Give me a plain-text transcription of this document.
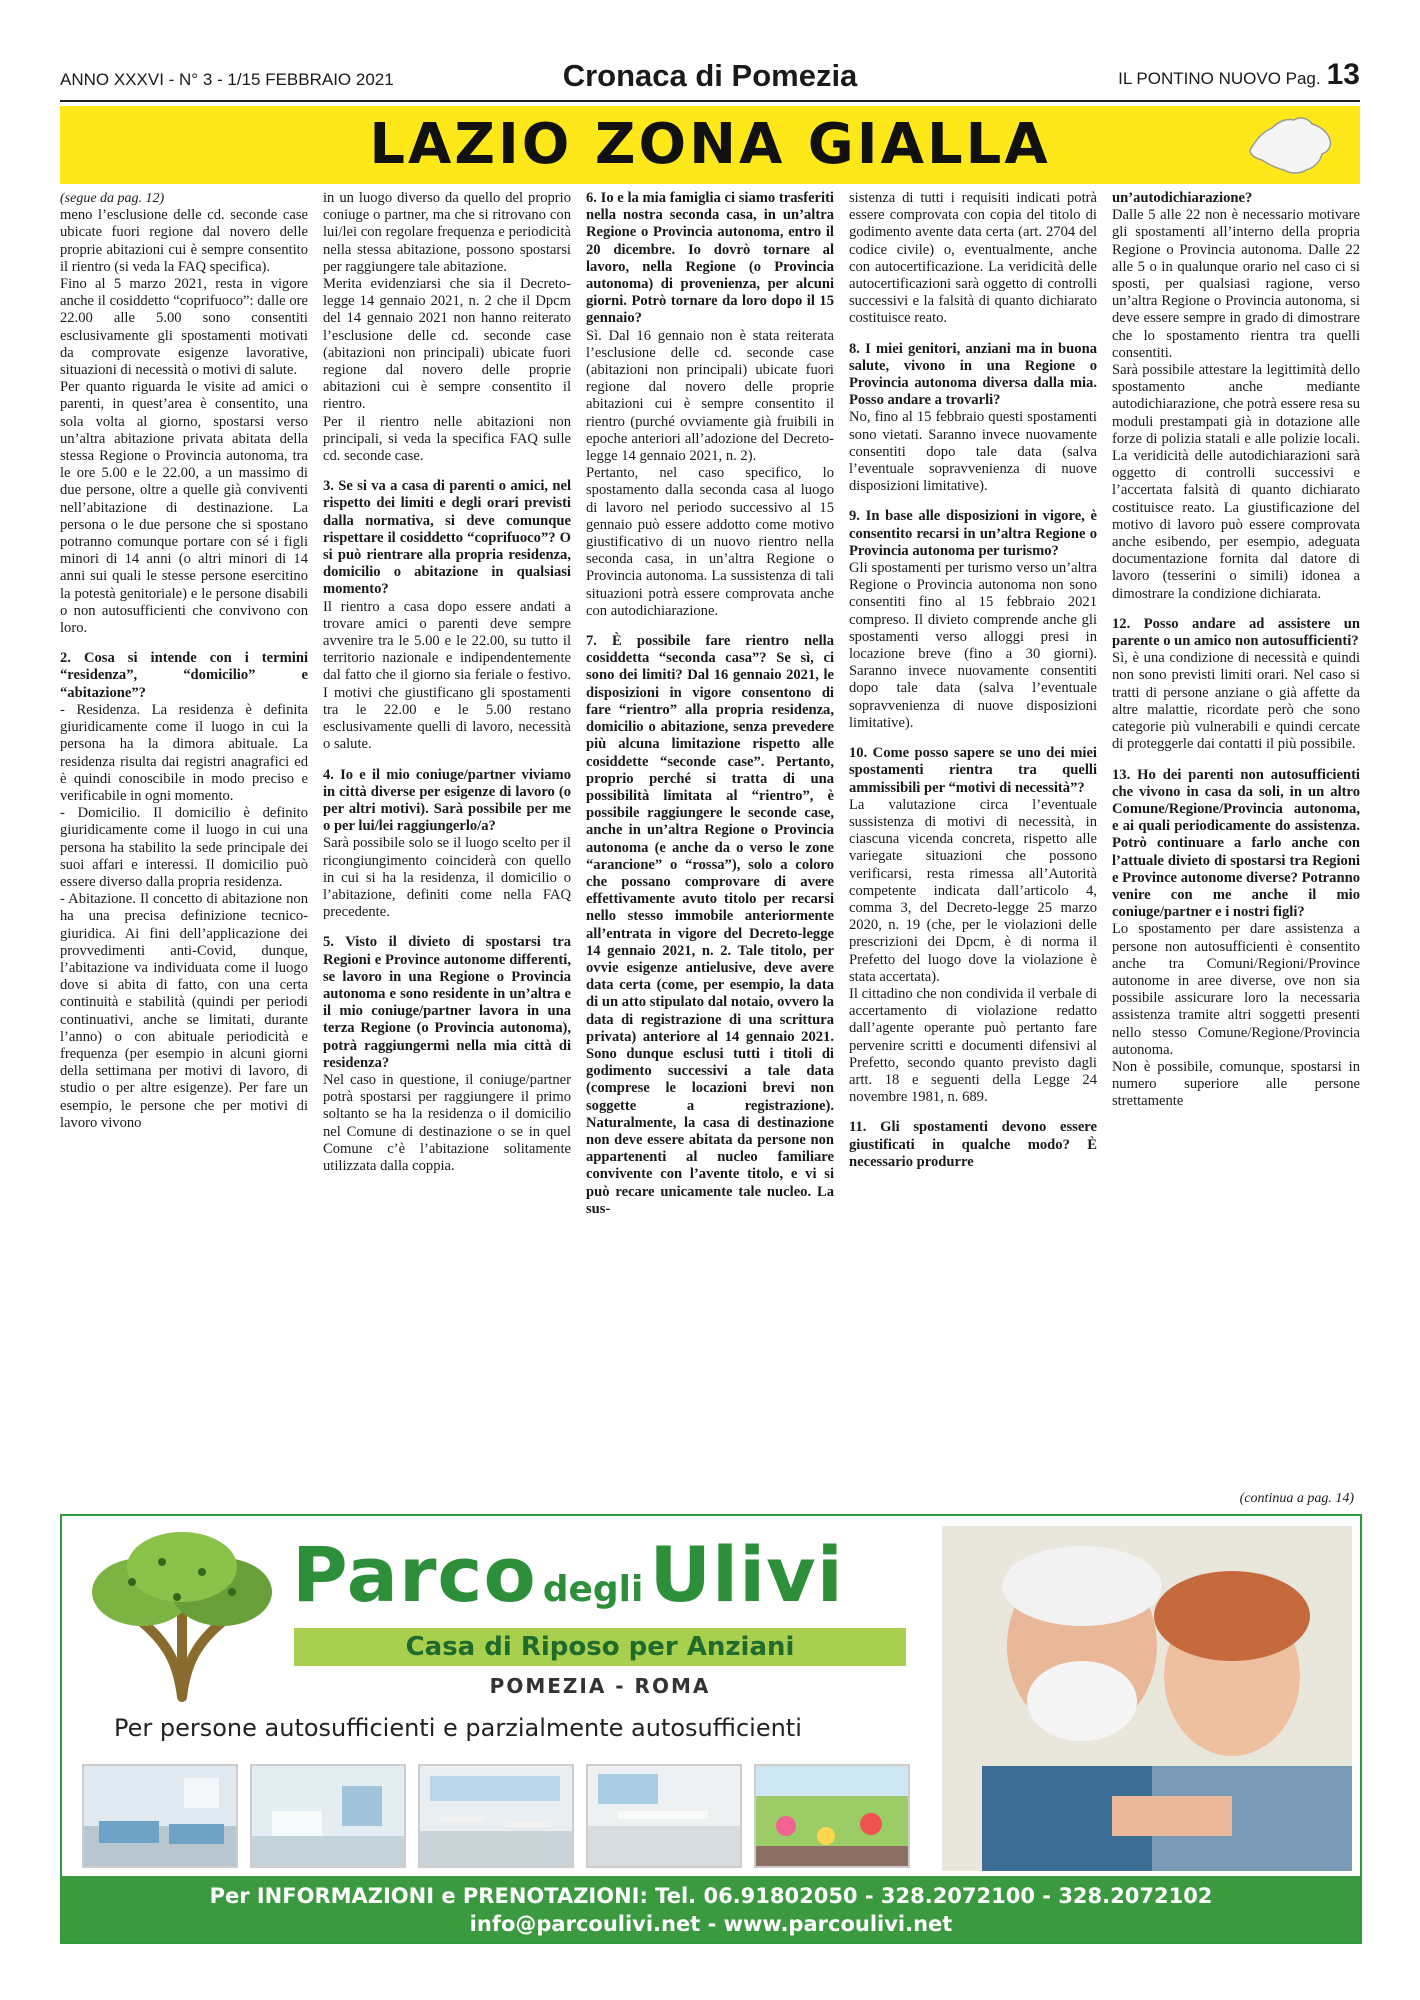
ANNO XXXVI - N° 3 - 1/15 FEBBRAIO 2021	Cronaca di Pomezia	IL PONTINO NUOVO Pag. 13
LAZIO ZONA GIALLA

(segue da pag. 12)

meno l’esclusione delle cd. seconde case ubicate fuori regione dal novero delle proprie abitazioni cui è sempre consentito il rientro (si veda la FAQ specifica).

Fino al 5 marzo 2021, resta in vigore anche il cosiddetto “coprifuoco”: dalle ore 22.00 alle 5.00 sono consentiti esclusivamente gli spostamenti motivati da comprovate esigenze lavorative, situazioni di necessità o motivi di salute.

Per quanto riguarda le visite ad amici o parenti, in quest’area è consentito, una sola volta al giorno, spostarsi verso un’altra abitazione privata abitata della stessa Regione o Provincia autonoma, tra le ore 5.00 e le 22.00, a un massimo di due persone, oltre a quelle già conviventi nell’abitazione di destinazione. La persona o le due persone che si spostano potranno comunque portare con sé i figli minori di 14 anni (o altri minori di 14 anni sui quali le stesse persone esercitino la potestà genitoriale) e le persone disabili o non autosufficienti che convivono con loro.

2. Cosa si intende con i termini “residenza”, “domicilio” e “abitazione”?

- Residenza. La residenza è definita giuridicamente come il luogo in cui la persona ha la dimora abituale. La residenza risulta dai registri anagrafici ed è quindi conoscibile in modo preciso e verificabile in ogni momento.

- Domicilio. Il domicilio è definito giuridicamente come il luogo in cui una persona ha stabilito la sede principale dei suoi affari e interessi. Il domicilio può essere diverso dalla propria residenza.

- Abitazione. Il concetto di abitazione non ha una precisa definizione tecnico-giuridica. Ai fini dell’applicazione dei provvedimenti anti-Covid, dunque, l’abitazione va individuata come il luogo dove si abita di fatto, con una certa continuità e stabilità (quindi per periodi continuativi, anche se limitati, durante l’anno) o con abituale periodicità e frequenza (per esempio in alcuni giorni della settimana per motivi di lavoro, di studio o per altre esigenze). Per fare un esempio, le persone che per motivi di lavoro vivono

in un luogo diverso da quello del proprio coniuge o partner, ma che si ritrovano con lui/lei con regolare frequenza e periodicità nella stessa abitazione, possono spostarsi per raggiungere tale abitazione.

Merita evidenziarsi che sia il Decreto-legge 14 gennaio 2021, n. 2 che il Dpcm del 14 gennaio 2021 non hanno reiterato l’esclusione delle cd. seconde case (abitazioni non principali) ubicate fuori regione dal novero delle proprie abitazioni cui è sempre consentito il rientro.

Per il rientro nelle abitazioni non principali, si veda la specifica FAQ sulle cd. seconde case.

3. Se si va a casa di parenti o amici, nel rispetto dei limiti e degli orari previsti dalla normativa, si deve comunque rispettare il cosiddetto “coprifuoco”? O si può rientrare alla propria residenza, domicilio o abitazione in qualsiasi momento?

Il rientro a casa dopo essere andati a trovare amici o parenti deve sempre avvenire tra le 5.00 e le 22.00, su tutto il territorio nazionale e indipendentemente dal fatto che il giorno sia feriale o festivo. I motivi che giustificano gli spostamenti tra le 22.00 e le 5.00 restano esclusivamente quelli di lavoro, necessità o salute.

4. Io e il mio coniuge/partner viviamo in città diverse per esigenze di lavoro (o per altri motivi). Sarà possibile per me o per lui/lei raggiungerlo/a?

Sarà possibile solo se il luogo scelto per il ricongiungimento coinciderà con quello in cui si ha la residenza, il domicilio o l’abitazione, definiti come nella FAQ precedente.

5. Visto il divieto di spostarsi tra Regioni e Province autonome differenti, se lavoro in una Regione o Provincia autonoma e sono residente in un’altra e il mio coniuge/partner lavora in una terza Regione (o Provincia autonoma), potrà raggiungermi nella mia città di residenza?

Nel caso in questione, il coniuge/partner potrà spostarsi per raggiungere il primo soltanto se ha la residenza o il domicilio nel Comune di destinazione o se in quel Comune c’è l’abitazione solitamente utilizzata dalla coppia.

6. Io e la mia famiglia ci siamo trasferiti nella nostra seconda casa, in un’altra Regione o Provincia autonoma, entro il 20 dicembre. Io dovrò tornare al lavoro, nella Regione (o Provincia autonoma) di provenienza, per alcuni giorni. Potrò tornare da loro dopo il 15 gennaio?

Sì. Dal 16 gennaio non è stata reiterata l’esclusione delle cd. seconde case (abitazioni non principali) ubicate fuori regione dal novero delle proprie abitazioni cui è sempre consentito il rientro (purché ovviamente già fruibili in epoche anteriori all’adozione del Decreto-legge 14 gennaio 2021, n. 2).

Pertanto, nel caso specifico, lo spostamento dalla seconda casa al luogo di lavoro nel periodo successivo al 15 gennaio può essere addotto come motivo giustificativo di un nuovo rientro nella seconda casa, in un’altra Regione o Provincia autonoma. La sussistenza di tali situazioni potrà essere comprovata anche con autodichiarazione.

7. È possibile fare rientro nella cosiddetta “seconda casa”? Se sì, ci sono dei limiti? Dal 16 gennaio 2021, le disposizioni in vigore consentono di fare “rientro” alla propria residenza, domicilio o abitazione, senza prevedere più alcuna limitazione rispetto alle cosiddette “seconde case”. Pertanto, proprio perché si tratta di una possibilità limitata al “rientro”, è possibile raggiungere le seconde case, anche in un’altra Regione o Provincia autonoma (e anche da o verso le zone “arancione” o “rossa”), solo a coloro che possano comprovare di avere effettivamente avuto titolo per recarsi nello stesso immobile anteriormente all’entrata in vigore del Decreto-legge 14 gennaio 2021, n. 2. Tale titolo, per ovvie esigenze antielusive, deve avere data certa (come, per esempio, la data di un atto stipulato dal notaio, ovvero la data di registrazione di una scrittura privata) anteriore al 14 gennaio 2021. Sono dunque esclusi tutti i titoli di godimento successivi a tale data (comprese le locazioni brevi non soggette a registrazione). Naturalmente, la casa di destinazione non deve essere abitata da persone non appartenenti al nucleo familiare convivente con l’avente titolo, e vi si può recare unicamente tale nucleo. La sus-

sistenza di tutti i requisiti indicati potrà essere comprovata con copia del titolo di godimento avente data certa (art. 2704 del codice civile) o, eventualmente, anche con autocertificazione. La veridicità delle autocertificazioni sarà oggetto di controlli successivi e la falsità di quanto dichiarato costituisce reato.

8. I miei genitori, anziani ma in buona salute, vivono in una Regione o Provincia autonoma diversa dalla mia. Posso andare a trovarli?

No, fino al 15 febbraio questi spostamenti sono vietati. Saranno invece nuovamente consentiti dopo tale data (salva l’eventuale sopravvenienza di nuove disposizioni limitative).

9. In base alle disposizioni in vigore, è consentito recarsi in un’altra Regione o Provincia autonoma per turismo?

Gli spostamenti per turismo verso un’altra Regione o Provincia autonoma non sono consentiti fino al 15 febbraio 2021 compreso. Il divieto comprende anche gli spostamenti verso alloggi presi in locazione breve (fino a 30 giorni). Saranno invece nuovamente consentiti dopo tale data (salva l’eventuale sopravvenienza di nuove disposizioni limitative).

10. Come posso sapere se uno dei miei spostamenti rientra tra quelli ammissibili per “motivi di necessità”?

La valutazione circa l’eventuale sussistenza di motivi di necessità, in ciascuna vicenda concreta, rispetto alle variegate situazioni che possono verificarsi, resta rimessa all’Autorità competente indicata dall’articolo 4, comma 3, del Decreto-legge 25 marzo 2020, n. 19 (che, per le violazioni delle prescrizioni dei Dpcm, è di norma il Prefetto del luogo dove la violazione è stata accertata).

Il cittadino che non condivida il verbale di accertamento di violazione redatto dall’agente operante può pertanto fare pervenire scritti e documenti difensivi al Prefetto, secondo quanto previsto dagli artt. 18 e seguenti della Legge 24 novembre 1981, n. 689.

11. Gli spostamenti devono essere giustificati in qualche modo? È necessario produrre

un’autodichiarazione?

Dalle 5 alle 22 non è necessario motivare gli spostamenti all’interno della propria Regione o Provincia autonoma. Dalle 22 alle 5 o in qualunque orario nel caso ci si sposti, per qualsiasi ragione, verso un’altra Regione o Provincia autonoma, si deve essere sempre in grado di dimostrare che lo spostamento rientra tra quelli consentiti.

Sarà possibile attestare la legittimità dello spostamento anche mediante autodichiarazione, che potrà essere resa su moduli prestampati già in dotazione alle forze di polizia statali e alle polizie locali. La veridicità delle autodichiarazioni sarà oggetto di controlli successivi e l’accertata falsità di quanto dichiarato costituisce reato. La giustificazione del motivo di lavoro può essere comprovata anche esibendo, per esempio, adeguata documentazione fornita dal datore di lavoro (tesserini o simili) idonea a dimostrare la condizione dichiarata.

12. Posso andare ad assistere un parente o un amico non autosufficienti?

Sì, è una condizione di necessità e quindi non sono previsti limiti orari. Nel caso si tratti di persone anziane o già affette da altre malattie, ricordate però che sono categorie più vulnerabili e quindi cercate di proteggerle dai contatti il più possibile.

13. Ho dei parenti non autosufficienti che vivono in casa da soli, in un altro Comune/Regione/Provincia autonoma, e ai quali periodicamente do assistenza. Potrò continuare a farlo anche con l’attuale divieto di spostarsi tra Regioni e Province autonome diverse? Potranno venire con me anche il mio coniuge/partner e i nostri figli?

Lo spostamento per dare assistenza a persone non autosufficienti è consentito anche tra Comuni/Regioni/Province autonome in aree diverse, ove non sia possibile assicurare loro la necessaria assistenza tramite altri soggetti presenti nello stesso Comune/Regione/Provincia autonoma.

Non è possibile, comunque, spostarsi in numero superiore alle persone strettamente

(continua a pag. 14)
Parco degliUlivi
Casa di Riposo per Anziani
POMEZIA - ROMA
Per persone autosufficienti e parzialmente autosufficienti
Per INFORMAZIONI e PRENOTAZIONI: Tel. 06.91802050 - 328.2072100 - 328.2072102
info@parcoulivi.net - www.parcoulivi.net
